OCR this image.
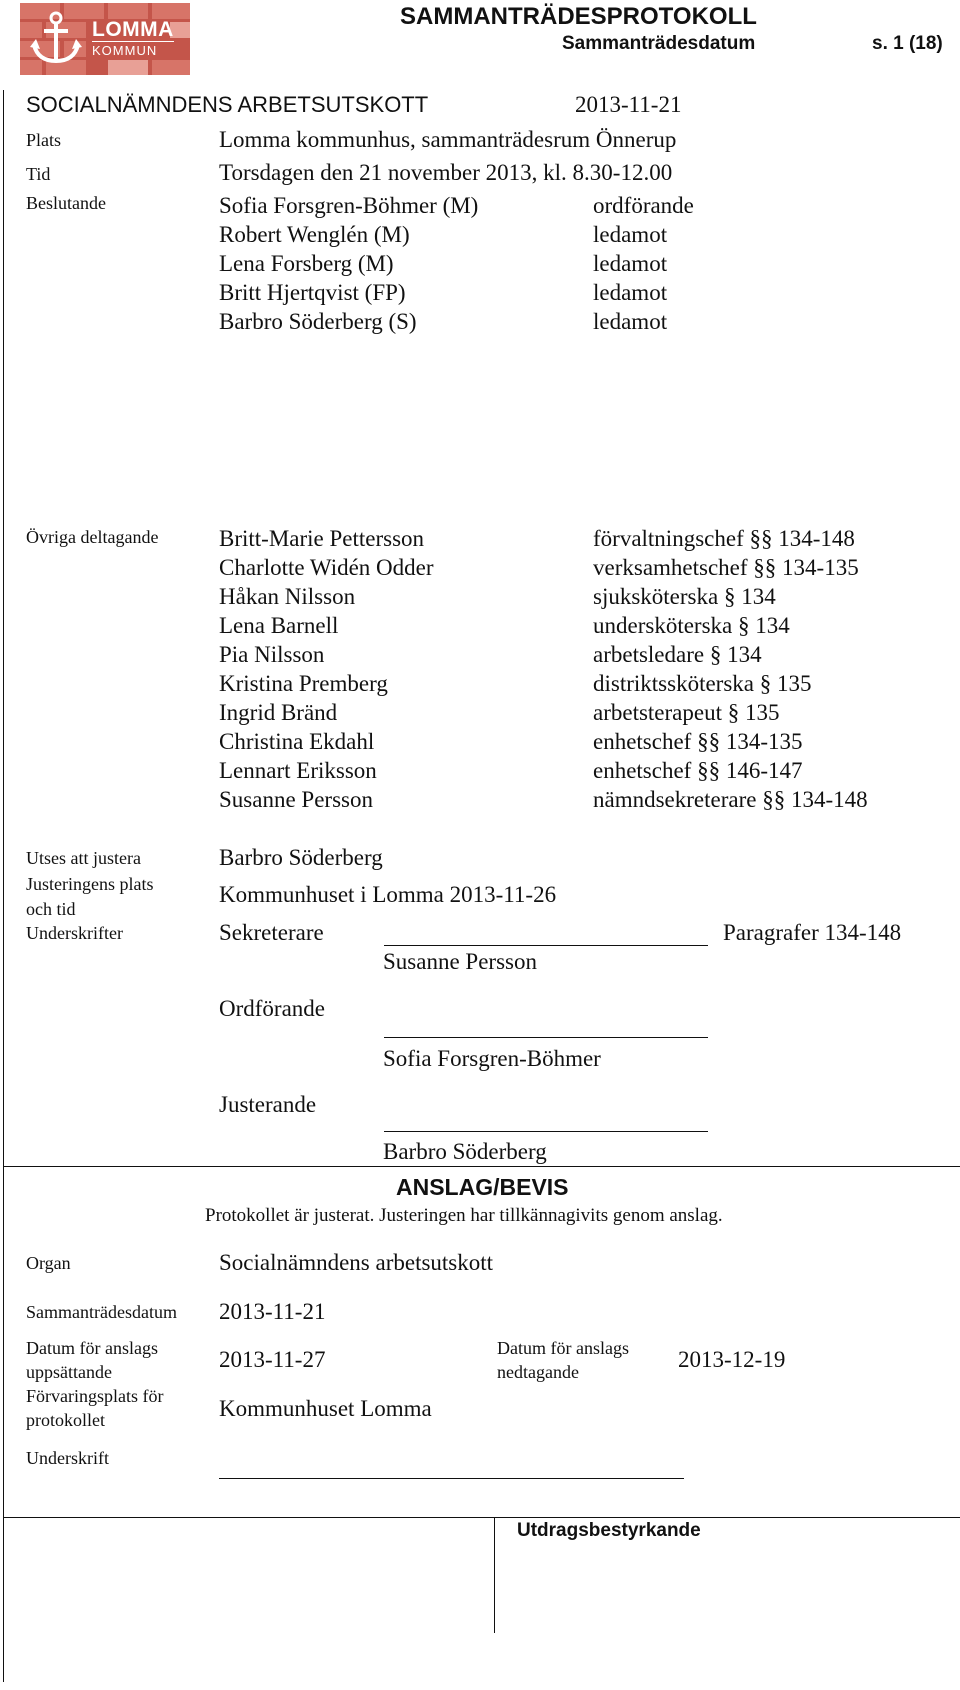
LOMMA
KOMMUN
SAMMANTRÄDESPROTOKOLL
Sammanträdesdatum	s. 1 (18)
SOCIALNÄMNDENS ARBETSUTSKOTT	2013-11-21
Plats	Lomma kommunhus, sammanträdesrum Önnerup
Tid	Torsdagen den 21 november 2013, kl. 8.30-12.00
Beslutande	Sofia Forsgren-Böhmer (M)	ordförande
Robert Wenglén (M)	ledamot
Lena Forsberg (M)	ledamot
Britt Hjertqvist (FP)	ledamot
Barbro Söderberg (S)	ledamot
Övriga deltagande	Britt-Marie Pettersson	förvaltningschef §§ 134-148
Charlotte Widén Odder	verksamhetschef §§ 134-135
Håkan Nilsson	sjuksköterska § 134
Lena Barnell	undersköterska § 134
Pia Nilsson	arbetsledare § 134
Kristina Premberg	distriktssköterska § 135
Ingrid Bränd	arbetsterapeut § 135
Christina Ekdahl	enhetschef §§ 134-135
Lennart Eriksson	enhetschef §§ 146-147
Susanne Persson	nämndsekreterare §§ 134-148
Utses att justera	Barbro Söderberg
Justeringens plats
och tid
Kommunhuset i Lomma 2013-11-26
Underskrifter	Sekreterare	Paragrafer 134-148
Susanne Persson
Ordförande
Sofia Forsgren-Böhmer
Justerande
Barbro Söderberg
ANSLAG/BEVIS
Protokollet är justerat. Justeringen har tillkännagivits genom anslag.
Organ	Socialnämndens arbetsutskott
Sammanträdesdatum 2013-11-21
Datum för anslags
uppsättande	2013-11-27	Datum för anslags
nedtagande	2013-12-19
Förvaringsplats för
protokollet	Kommunhuset Lomma
Underskrift
Utdragsbestyrkande
